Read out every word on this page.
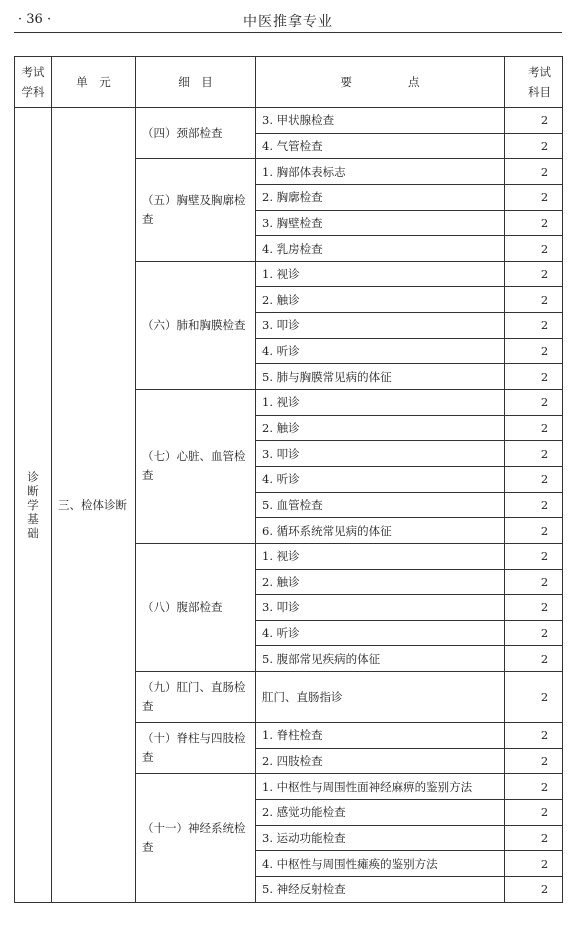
· 36 ·	中医推拿专业
考试
学科	单　元	细　目	要 点	考试
科目

诊断学基础	三、检体诊断	（四）颈部检查	3. 甲状腺检查	2
			4. 气管检查	2
		（五）胸壁及胸廓检查	1. 胸部体表标志	2
			2. 胸廓检查	2
			3. 胸壁检查	2
			4. 乳房检查	2
		（六）肺和胸膜检查	1. 视诊	2
			2. 触诊	2
			3. 叩诊	2
			4. 听诊	2
			5. 肺与胸膜常见病的体征	2
		（七）心脏、血管检查	1. 视诊	2
			2. 触诊	2
			3. 叩诊	2
			4. 听诊	2
			5. 血管检查	2
			6. 循环系统常见病的体征	2
		（八）腹部检查	1. 视诊	2
			2. 触诊	2
			3. 叩诊	2
			4. 听诊	2
			5. 腹部常见疾病的体征	2
		（九）肛门、直肠检查	肛门、直肠指诊	2
		（十）脊柱与四肢检查	1. 脊柱检查	2
			2. 四肢检查	2
		（十一）神经系统检查	1. 中枢性与周围性面神经麻痹的鉴别方法	2
			2. 感觉功能检查	2
			3. 运动功能检查	2
			4. 中枢性与周围性瘫痪的鉴别方法	2
			5. 神经反射检查	2
